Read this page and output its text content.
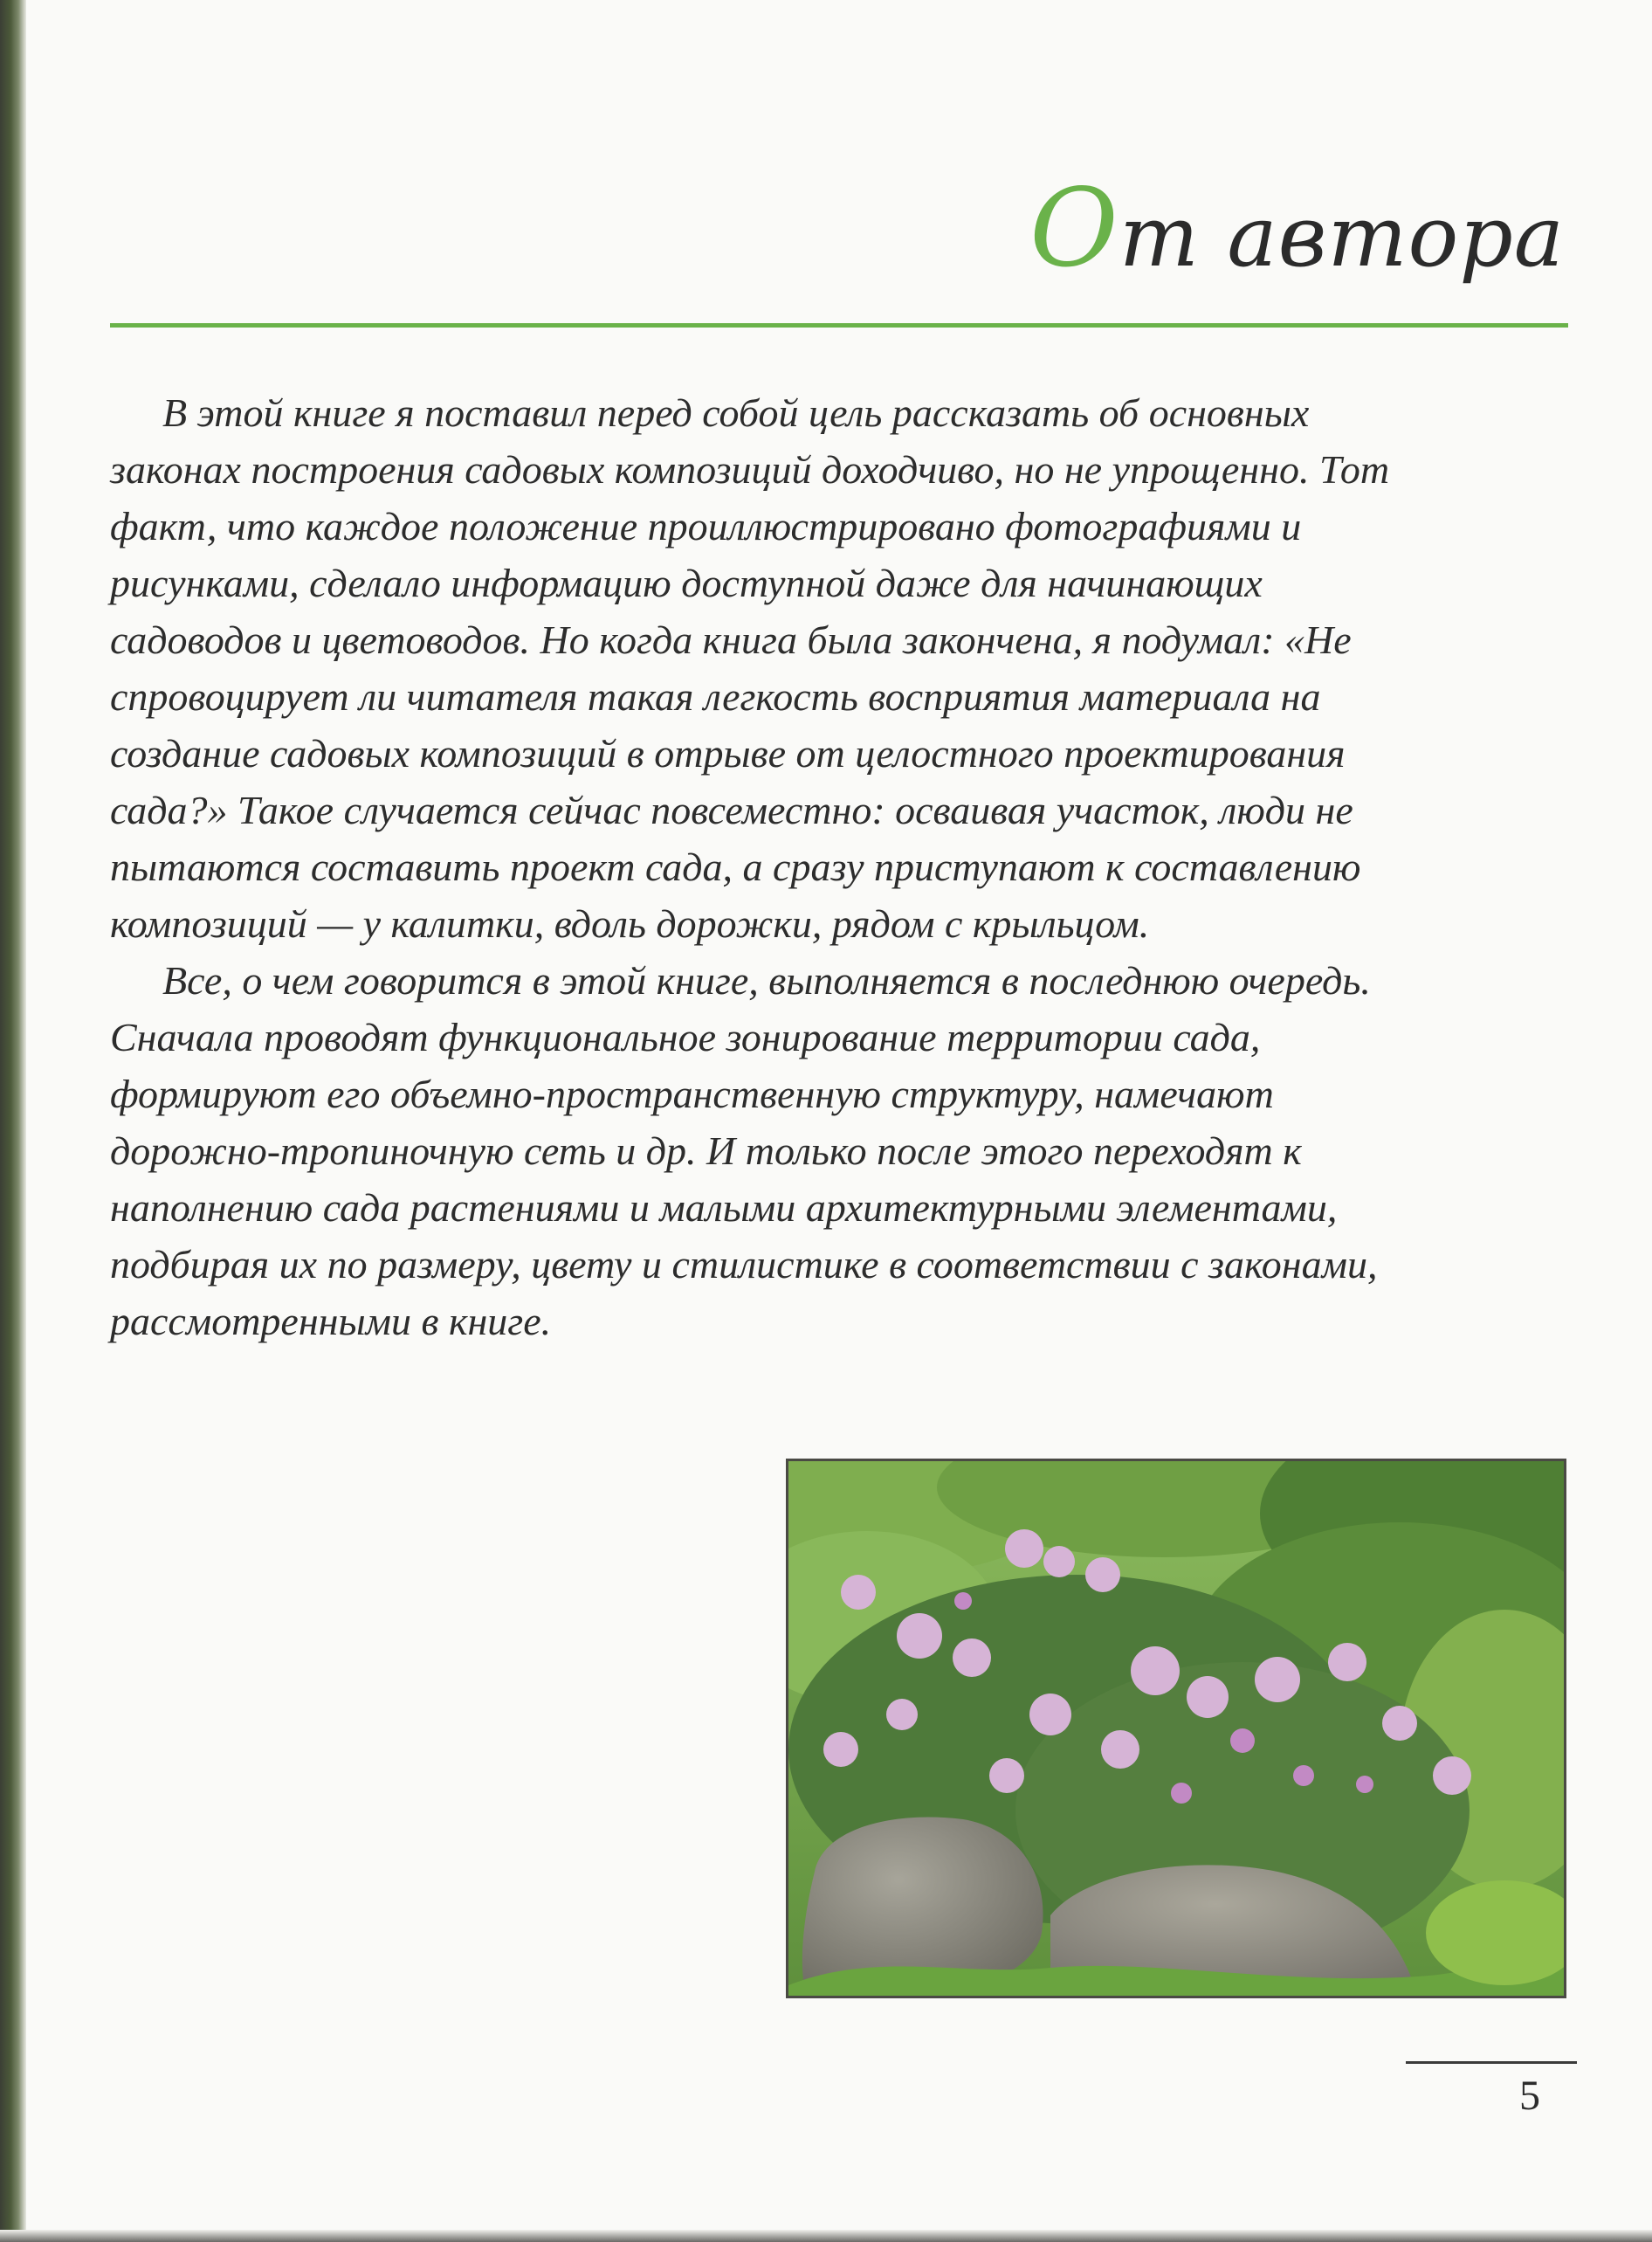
От автора

В этой книге я поставил перед собой цель рассказать об основных законах построения садовых композиций доходчиво, но не упрощенно. Тот факт, что каждое положение проиллюстрировано фотографиями и рисунками, сделало информацию доступной даже для начинающих садоводов и цветоводов. Но когда книга была закончена, я подумал: «Не спровоцирует ли читателя такая легкость восприятия материала на создание садовых композиций в отрыве от целостного проектирования сада?» Такое случается сейчас повсеместно: осваивая участок, люди не пытаются составить проект сада, а сразу приступают к составлению композиций — у калитки, вдоль дорожки, рядом с крыльцом.

Все, о чем говорится в этой книге, выполняется в последнюю очередь. Сначала проводят функциональное зонирование территории сада, формируют его объемно-пространственную структуру, намечают дорожно-тропиночную сеть и др. И только после этого переходят к наполнению сада растениями и малыми архитектурными элементами, подбирая их по размеру, цвету и стилистике в соответствии с законами, рассмотренными в книге.

5
